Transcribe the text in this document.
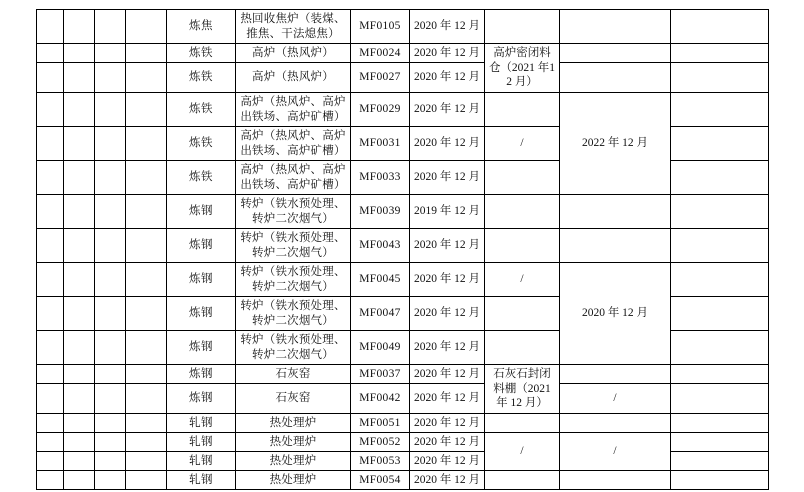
				炼焦	热回收焦炉（装煤、推焦、干法熄焦）	MF0105	2020 年 12 月			
				炼铁	高炉（热风炉）	MF0024	2020 年 12 月	高炉密闭料仓（2021 年12 月）		
				炼铁	高炉（热风炉）	MF0027	2020 年 12 月			
				炼铁	高炉（热风炉、高炉出铁场、高炉矿槽）	MF0029	2020 年 12 月		2022 年 12 月	
				炼铁	高炉（热风炉、高炉出铁场、高炉矿槽）	MF0031	2020 年 12 月	/		
				炼铁	高炉（热风炉、高炉出铁场、高炉矿槽）	MF0033	2020 年 12 月			
				炼钢	转炉（铁水预处理、转炉二次烟气）	MF0039	2019 年 12 月			
				炼钢	转炉（铁水预处理、转炉二次烟气）	MF0043	2020 年 12 月			
				炼钢	转炉（铁水预处理、转炉二次烟气）	MF0045	2020 年 12 月	/	2020 年 12 月	
				炼钢	转炉（铁水预处理、转炉二次烟气）	MF0047	2020 年 12 月			
				炼钢	转炉（铁水预处理、转炉二次烟气）	MF0049	2020 年 12 月			
				炼钢	石灰窑	MF0037	2020 年 12 月	石灰石封闭料棚（2021年 12 月）		
				炼钢	石灰窑	MF0042	2020 年 12 月		/	
				轧钢	热处理炉	MF0051	2020 年 12 月			
				轧钢	热处理炉	MF0052	2020 年 12 月	/	/	
				轧钢	热处理炉	MF0053	2020 年 12 月			
				轧钢	热处理炉	MF0054	2020 年 12 月			
